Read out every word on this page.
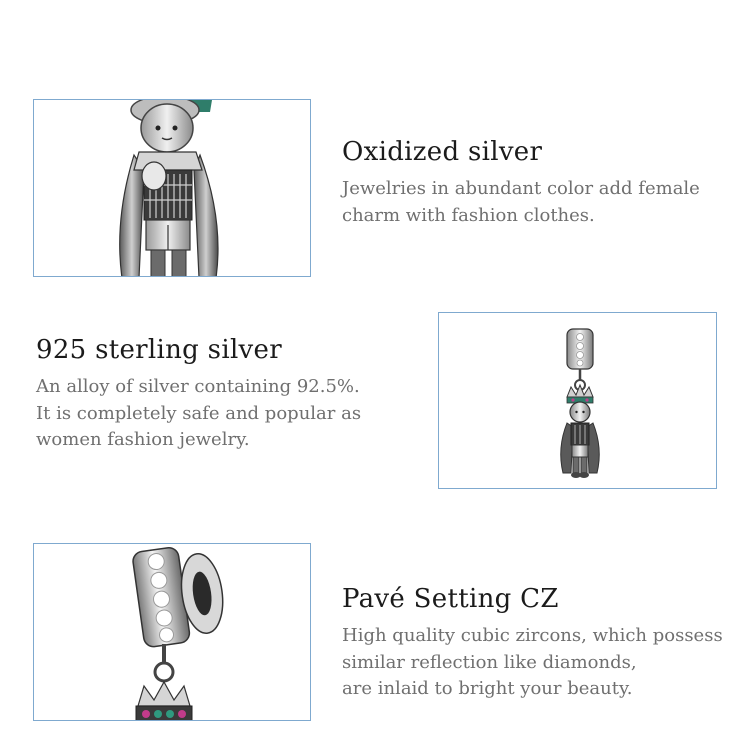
Oxidized silver

Jewelries in abundant color add female
charm with fashion clothes.

925 sterling silver

An alloy of silver containing 92.5%.
It is completely safe and popular as
women fashion jewelry.

Pavé Setting CZ

High quality cubic zircons, which possess
similar reflection like diamonds,
are inlaid to bright your beauty.
